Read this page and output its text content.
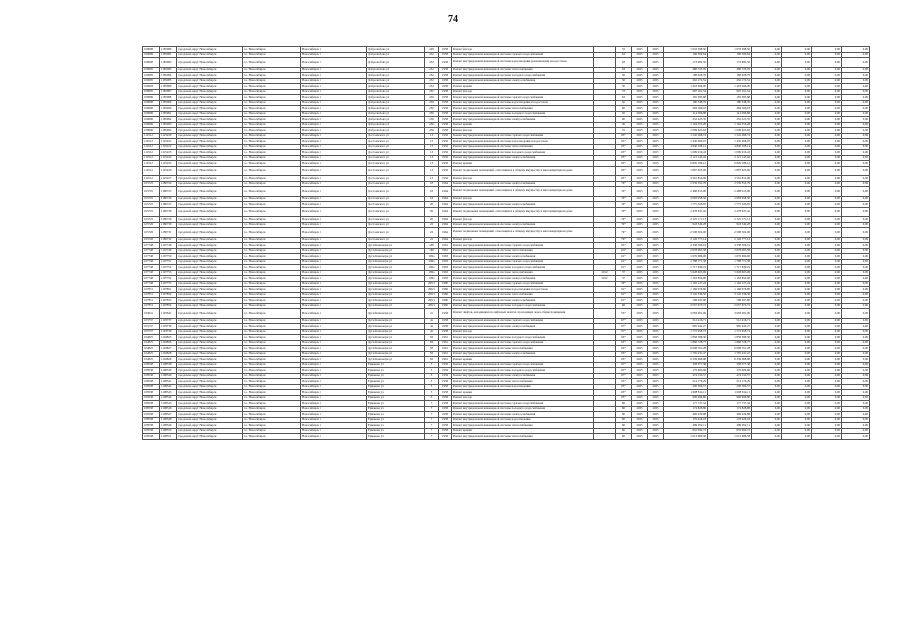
74
109698	1185080	городской округ Новосибирск	г.о. Новосибирск	Новосибирск г	Добролюбова ул	248	1958	Ремонт фасада		55	2025	2025	1 633 598,50	1 633 598,50	0,00	0,00	0,00	0,00
109699	1185081	городской округ Новосибирск	г.о. Новосибирск	Новосибирск г	Добролюбова ул	252	1958	Ремонт внутридомовой инженерной системы горячего водоснабжения		63	2025	2025	196 509,64	196 509,64	0,00	0,00	0,00	0,00
109600	1185082	городской округ Новосибирск	г.о. Новосибирск	Новосибирск г	Добролюбова ул	252	1958	Ремонт внутридомовой инженерной системы водоотведения (канализации) и водостоков		63	2025	2025	173 982,56	173 982,56	0,00	0,00	0,00	0,00
109695	1185083	городской округ Новосибирск	г.о. Новосибирск	Новосибирск г	Добролюбова ул	252	1958	Ремонт внутридомовой инженерной системы теплоснабжения		63	2025	2025	486 723,76	486 723,76	0,00	0,00	0,00	0,00
109695	1185084	городской округ Новосибирск	г.о. Новосибирск	Новосибирск г	Добролюбова ул	252	1958	Ремонт внутридомовой инженерной системы холодного водоснабжения		50	2025	2025	188 628,76	188 628,76	0,00	0,00	0,00	0,00
109695	1185085	городской округ Новосибирск	г.о. Новосибирск	Новосибирск г	Добролюбова ул	252	1958	Ремонт внутридомовой инженерной системы электроснабжения		50	2025	2025	262 174,54	262 174,54	0,00	0,00	0,00	0,00
109693	1185086	городской округ Новосибирск	г.о. Новосибирск	Новосибирск г	Добролюбова ул	252	1958	Ремонт крыши		50	2025	2025	1 418 266,00	1 418 266,00	0,00	0,00	0,00	0,00
109695	1185087	городской округ Новосибирск	г.о. Новосибирск	Новосибирск г	Добролюбова ул	252	1958	Ремонт фасада		53	2025	2025	997 161,54	997 161,54	0,00	0,00	0,00	0,00
109696	1185088	городской округ Новосибирск	г.о. Новосибирск	Новосибирск г	Добролюбова ул	256	1958	Ремонт внутридомовой инженерной системы горячего водоснабжения		63	2025	2025	165 385,68	165 385,68	0,00	0,00	0,00	0,00
109698	1185089	городской округ Новосибирск	г.о. Новосибирск	Новосибирск г	Добролюбова ул	256	1958	Ремонт внутридомовой инженерной системы водоотведения и водостоков		50	2025	2025	180 548,76	180 548,76	0,00	0,00	0,00	0,00
109696	1185090	городской округ Новосибирск	г.о. Новосибирск	Новосибирск г	Добролюбова ул	256	1958	Ремонт внутридомовой инженерной системы теплоснабжения		60	2025	2025	484 566,18	484 566,18	0,00	0,00	0,00	0,00
109696	1185091	городской округ Новосибирск	г.о. Новосибирск	Новосибирск г	Добролюбова ул	256	1958	Ремонт внутридомовой инженерной системы холодного водоснабжения		50	2025	2025	114 096,88	114 096,88	0,00	0,00	0,00	0,00
109696	1185092	городской округ Новосибирск	г.о. Новосибирск	Новосибирск г	Добролюбова ул	256	1958	Ремонт внутридомовой инженерной системы электроснабжения		60	2025	2025	252 225,35	252 225,35	0,00	0,00	0,00	0,00
109696	1185093	городской округ Новосибирск	г.о. Новосибирск	Новосибирск г	Добролюбова ул	256	1958	Ремонт крыши		50	2025	2025	1 164 353,28	1 164 353,28	0,00	0,00	0,00	0,00
109696	1185094	городской округ Новосибирск	г.о. Новосибирск	Новосибирск г	Добролюбова ул	256	1958	Ремонт фасада		55	2025	2025	1 009 625,63	1 009 625,63	0,00	0,00	0,00	0,00
112512	1125220	городской округ Новосибирск	г.о. Новосибирск	Новосибирск г	Достоевского ул	13	1956	Ремонт внутридомовой инженерной системы горячего водоснабжения		63*	2025	2025	1 545 268,74	1 545 268,74	0,00	0,00	0,00	0,00
112512	1125221	городской округ Новосибирск	г.о. Новосибирск	Новосибирск г	Достоевского ул	13	1956	Ремонт внутридомовой инженерной системы водоотведения и водостоков		63*	2025	2025	1 450 066,97	1 450 066,97	0,00	0,00	0,00	0,00
112512	1125222	городской округ Новосибирск	г.о. Новосибирск	Новосибирск г	Достоевского ул	13	1956	Ремонт внутридомовой инженерной системы теплоснабжения		63*	2025	2025	4 840 108,14	4 840 108,14	0,00	0,00	0,00	0,00
112512	1125223	городской округ Новосибирск	г.о. Новосибирск	Новосибирск г	Достоевского ул	13	1956	Ремонт внутридомовой инженерной системы холодного водоснабжения		63*	2025	2025	1 009 016,43	1 009 016,43	0,00	0,00	0,00	0,00
112512	1125224	городской округ Новосибирск	г.о. Новосибирск	Новосибирск г	Достоевского ул	13	1956	Ремонт внутридомовой инженерной системы электроснабжения		63*	2025	2025	2 121 145,44	2 121 145,44	0,00	0,00	0,00	0,00
112512	1125225	городской округ Новосибирск	г.о. Новосибирск	Новосибирск г	Достоевского ул	13	1956	Ремонт крыши		63*	2025	2025	6 826 186,12	6 826 186,12	0,00	0,00	0,00	0,00
112512	1125226	городской округ Новосибирск	г.о. Новосибирск	Новосибирск г	Достоевского ул	13	1956	Ремонт подвальных помещений, относящихся к общему имуществу в многоквартирном доме		63*	2025	2025	1 867 625,00	1 867 625,00	0,00	0,00	0,00	0,00
112512	1125227	городской округ Новосибирск	г.о. Новосибирск	Новосибирск г	Достоевского ул	13	1956	Ремонт фасада		63*	2025	2025	3 561 814,09	3 561 814,09	0,00	0,00	0,00	0,00
103725	1180724	городской округ Новосибирск	г.о. Новосибирск	Новосибирск г	Достоевского ул	18	1964	Ремонт внутридомовой инженерной системы электроснабжения		79*	2025	2025	2 559 552,79	2 559 552,79	0,00	0,00	0,00	0,00
103725	1180725	городской округ Новосибирск	г.о. Новосибирск	Новосибирск г	Достоевского ул	18	1964	Ремонт подвальных помещений, относящихся к общему имуществу в многоквартирном доме		79*	2025	2025	2 468 913,00	2 468 913,00	0,00	0,00	0,00	0,00
103725	1180726	городской округ Новосибирск	г.о. Новосибирск	Новосибирск г	Достоевского ул	18	1964	Ремонт фасада		79*	2025	2025	2 083 958,50	2 083 958,50	0,00	0,00	0,00	0,00
103725	1180727	городской округ Новосибирск	г.о. Новосибирск	Новосибирск г	Достоевского ул	20	1964	Ремонт внутридомовой инженерной системы электроснабжения		79*	2025	2025	1 775 326,65	1 775 326,65	0,00	0,00	0,00	0,00
103725	1180728	городской округ Новосибирск	г.о. Новосибирск	Новосибирск г	Достоевского ул	20	1964	Ремонт подвальных помещений, относящихся к общему имуществу в многоквартирном доме		79*	2025	2025	2 478 637,42	2 478 637,42	0,00	0,00	0,00	0,00
103725	1180729	городской округ Новосибирск	г.о. Новосибирск	Новосибирск г	Достоевского ул	20	1964	Ремонт фасада		79*	2025	2025	2 125 171,13	2 125 171,13	0,00	0,00	0,00	0,00
103726	1180730	городской округ Новосибирск	г.о. Новосибирск	Новосибирск г	Достоевского ул	22	1964	Ремонт внутридомовой инженерной системы электроснабжения		79*	2025	2025	943 549,28	943 549,28	0,00	0,00	0,00	0,00
103726	1180731	городской округ Новосибирск	г.о. Новосибирск	Новосибирск г	Достоевского ул	22	1964	Ремонт подвальных помещений, относящихся к общему имуществу в многоквартирном доме		79*	2025	2025	2 508 302,00	2 508 302,00	0,00	0,00	0,00	0,00
103726	1180732	городской округ Новосибирск	г.о. Новосибирск	Новосибирск г	Достоевского ул	22	1964	Ремонт фасада		79*	2025	2025	2 126 777,14	2 126 777,14	0,00	0,00	0,00	0,00
107748	1107748	городской округ Новосибирск	г.о. Новосибирск	Новосибирск г	Дуси Ковальчук ул	169	1961	Ремонт внутридомовой инженерной системы горячего водоснабжения		63*	2025	2025	4 338 306,16	4 338 306,16	0,00	0,00	0,00	0,00
107748	1107749	городской округ Новосибирск	г.о. Новосибирск	Новосибирск г	Дуси Ковальчук ул	169	1961	Ремонт внутридомовой инженерной системы теплоснабжения		110*	2025	2025	2 678 963,58	2 678 963,58	0,00	0,00	0,00	0,00
107748	1107750	городской округ Новосибирск	г.о. Новосибирск	Новосибирск г	Дуси Ковальчук ул	169a	1963	Ремонт внутридомовой инженерной системы электроснабжения		61*	2025	2025	1 670 696,00	1 670 696,00	0,00	0,00	0,00	0,00
107748	1107751	городской округ Новосибирск	г.о. Новосибирск	Новосибирск г	Дуси Ковальчук ул	169a	1963	Ремонт внутридомовой инженерной системы горячего водоснабжения		61*	2025	2025	1 788 771,38	1 788 771,38	0,00	0,00	0,00	0,00
107748	1107752	городской округ Новосибирск	г.о. Новосибирск	Новосибирск г	Дуси Ковальчук ул	169a	1963	Ремонт внутридомовой инженерной системы холодного водоснабжения		61*	2025	2025	1 717 639,19	1 717 639,19	0,00	0,00	0,00	0,00
107748	1107753	городской округ Новосибирск	г.о. Новосибирск	Новосибирск г	Дуси Ковальчук ул	169a	1963	Ремонт внутридомовой инженерной системы теплоснабжения	2012	37	2025	2025	5 628 603,06	5 628 603,06	0,00	0,00	0,00	0,00
107748	1107754	городской округ Новосибирск	г.о. Новосибирск	Новосибирск г	Дуси Ковальчук ул	169a	1963	Ремонт внутридомовой инженерной системы электроснабжения	2012	37	2025	2025	1 163 850,00	1 163 850,00	0,00	0,00	0,00	0,00
107748	1107755	городской округ Новосибирск	г.о. Новосибирск	Новосибирск г	Дуси Ковальчук ул	206/1	1960	Ремонт внутридомовой инженерной системы горячего водоснабжения		59*	2025	2025	1 192 127,24	1 192 127,24	0,00	0,00	0,00	0,00
107851	1107851	городской округ Новосибирск	г.о. Новосибирск	Новосибирск г	Дуси Ковальчук ул	206/1	1960	Ремонт внутридомовой инженерной системы водоотведения и водостоков		61*	2025	2025	1 166 976,80	1 166 976,80	0,00	0,00	0,00	0,00
107851	1107852	городской округ Новосибирск	г.о. Новосибирск	Новосибирск г	Дуси Ковальчук ул	206/1	1960	Ремонт внутридомовой инженерной системы теплоснабжения		61*	2025	2025	3 145 536,50	3 145 536,50	0,00	0,00	0,00	0,00
107851	1107853	городской округ Новосибирск	г.о. Новосибирск	Новосибирск г	Дуси Ковальчук ул	206/1	1960	Ремонт внутридомовой инженерной системы электроснабжения		61*	2025	2025	798 497,80	798 497,80	0,00	0,00	0,00	0,00
107851	1107854	городской округ Новосибирск	г.о. Новосибирск	Новосибирск г	Дуси Ковальчук ул	206/1	1960	Ремонт внутридомовой инженерной системы холодного водоснабжения		60	2025	2025	2 057 673,72	2 057 673,72	0,00	0,00	0,00	0,00
103641	1103641	городской округ Новосибирск	г.о. Новосибирск	Новосибирск г	Дуси Ковальчук ул	41	1958	Ремонт лифтов, находящихся в лифтовых шахтах, проходящих через общие помещения		53*	2025	2025	3 083 481,00	3 083 481,00	0,00	0,00	0,00	0,00
103737	1103737	городской округ Новосибирск	г.о. Новосибирск	Новосибирск г	Дуси Ковальчук ул	4а	1958	Ремонт внутридомовой инженерной системы горячего водоснабжения		67*	2025	2025	512 416,71	512 416,71	0,00	0,00	0,00	0,00
103737	1103738	городской округ Новосибирск	г.о. Новосибирск	Новосибирск г	Дуси Ковальчук ул	4а	1958	Ремонт внутридомовой инженерной системы электроснабжения		67*	2025	2025	985 442,27	985 442,27	0,00	0,00	0,00	0,00
103737	1103739	городской округ Новосибирск	г.о. Новосибирск	Новосибирск г	Дуси Ковальчук ул	4а	1958	Ремонт фасада		67*	2025	2025	1 772 058,73	1 772 058,73	0,00	0,00	0,00	0,00
104825	1104825	городской округ Новосибирск	г.о. Новосибирск	Новосибирск г	Дуси Ковальчук ул	83	1961	Ремонт внутридомовой инженерной системы холодного водоснабжения		63*	2025	2025	1 858 588,30	1 858 588,30	0,00	0,00	0,00	0,00
104825	1104826	городской округ Новосибирск	г.о. Новосибирск	Новосибирск г	Дуси Ковальчук ул	83	1961	Ремонт внутридомовой инженерной системы горячего водоснабжения		63*	2025	2025	1 866 728,77	1 866 728,77	0,00	0,00	0,00	0,00
104825	1104827	городской округ Новосибирск	г.о. Новосибирск	Новосибирск г	Дуси Ковальчук ул	83	1961	Ремонт внутридомовой инженерной системы теплоснабжения		63*	2025	2025	6 098 761,28	6 098 761,28	0,00	0,00	0,00	0,00
104825	1104828	городской округ Новосибирск	г.о. Новосибирск	Новосибирск г	Дуси Ковальчук ул	83	1961	Ремонт внутридомовой инженерной системы электроснабжения		63*	2025	2025	1 705 431,47	1 705 431,47	0,00	0,00	0,00	0,00
104825	1104829	городской округ Новосибирск	г.о. Новосибирск	Новосибирск г	Дуси Ковальчук ул	83	1961	Ремонт крыши		63*	2025	2025	6 339 668,98	6 339 668,98	0,00	0,00	0,00	0,00
108538	1108538	городской округ Новосибирск	г.о. Новосибирск	Новосибирск г	Ермакова ул	3	1959	Ремонт внутридомовой инженерной системы горячего водоснабжения		67*	2025	2025	358 077,38	358 077,38	0,00	0,00	0,00	0,00
108538	1108539	городской округ Новосибирск	г.о. Новосибирск	Новосибирск г	Ермакова ул	3	1959	Ремонт внутридомовой инженерной системы холодного водоснабжения		67*	2025	2025	176 600,96	176 600,96	0,00	0,00	0,00	0,00
108538	1108540	городской округ Новосибирск	г.о. Новосибирск	Новосибирск г	Ермакова ул	3	1959	Ремонт внутридомовой инженерной системы электроснабжения		67*	2025	2025	474 150,57	474 150,57	0,00	0,00	0,00	0,00
108538	1108541	городской округ Новосибирск	г.о. Новосибирск	Новосибирск г	Ермакова ул	5	1958	Ремонт внутридомовой инженерной системы теплоснабжения		65*	2025	2025	514 176,29	514 176,29	0,00	0,00	0,00	0,00
108538	1108542	городской округ Новосибирск	г.о. Новосибирск	Новосибирск г	Ермакова ул	5	1958	Ремонт внутридомовой инженерной системы водоотведения		65*	2025	2025	206 366,57	206 366,57	0,00	0,00	0,00	0,00
108538	1108543	городской округ Новосибирск	г.о. Новосибирск	Новосибирск г	Ермакова ул	5	1958	Ремонт крыши		65*	2025	2025	1 008 814,11	1 008 814,11	0,00	0,00	0,00	0,00
108538	1108544	городской округ Новосибирск	г.о. Новосибирск	Новосибирск г	Ермакова ул	5	1958	Ремонт фасада		65*	2025	2025	906 996,80	906 996,80	0,00	0,00	0,00	0,00
108538	1108545	городской округ Новосибирск	г.о. Новосибирск	Новосибирск г	Ермакова ул	7	1958	Ремонт внутридомовой инженерной системы горячего водоснабжения		60	2025	2025	177 737,34	177 737,34	0,00	0,00	0,00	0,00
108538	1108546	городской округ Новосибирск	г.о. Новосибирск	Новосибирск г	Ермакова ул	7	1958	Ремонт внутридомовой инженерной системы холодного водоснабжения		60	2025	2025	174 828,86	174 828,86	0,00	0,00	0,00	0,00
108538	1108547	городской округ Новосибирск	г.о. Новосибирск	Новосибирск г	Ермакова ул	7	1958	Ремонт внутридомовой инженерной системы электроснабжения		60	2025	2025	469 229,88	469 229,88	0,00	0,00	0,00	0,00
108538	1108548	городской округ Новосибирск	г.о. Новосибирск	Новосибирск г	Ермакова ул	7	1958	Ремонт внутридомовой инженерной системы водоотведения		60	2025	2025	176 426,18	176 426,18	0,00	0,00	0,00	0,00
108538	1108549	городской округ Новосибирск	г.о. Новосибирск	Новосибирск г	Ермакова ул	7	1958	Ремонт внутридомовой инженерной системы теплоснабжения		60	2025	2025	489 052,11	489 052,11	0,00	0,00	0,00	0,00
108538	1108550	городской округ Новосибирск	г.о. Новосибирск	Новосибирск г	Ермакова ул	7	1958	Ремонт крыши		60	2025	2025	832 990,72	832 990,72	0,00	0,00	0,00	0,00
108538	1108551	городской округ Новосибирск	г.о. Новосибирск	Новосибирск г	Ермакова ул	7	1958	Ремонт внутридомовой инженерной системы теплоснабжения		60	2025	2025	1 013 686,58	1 013 686,58	0,00	0,00	0,00	0,00
